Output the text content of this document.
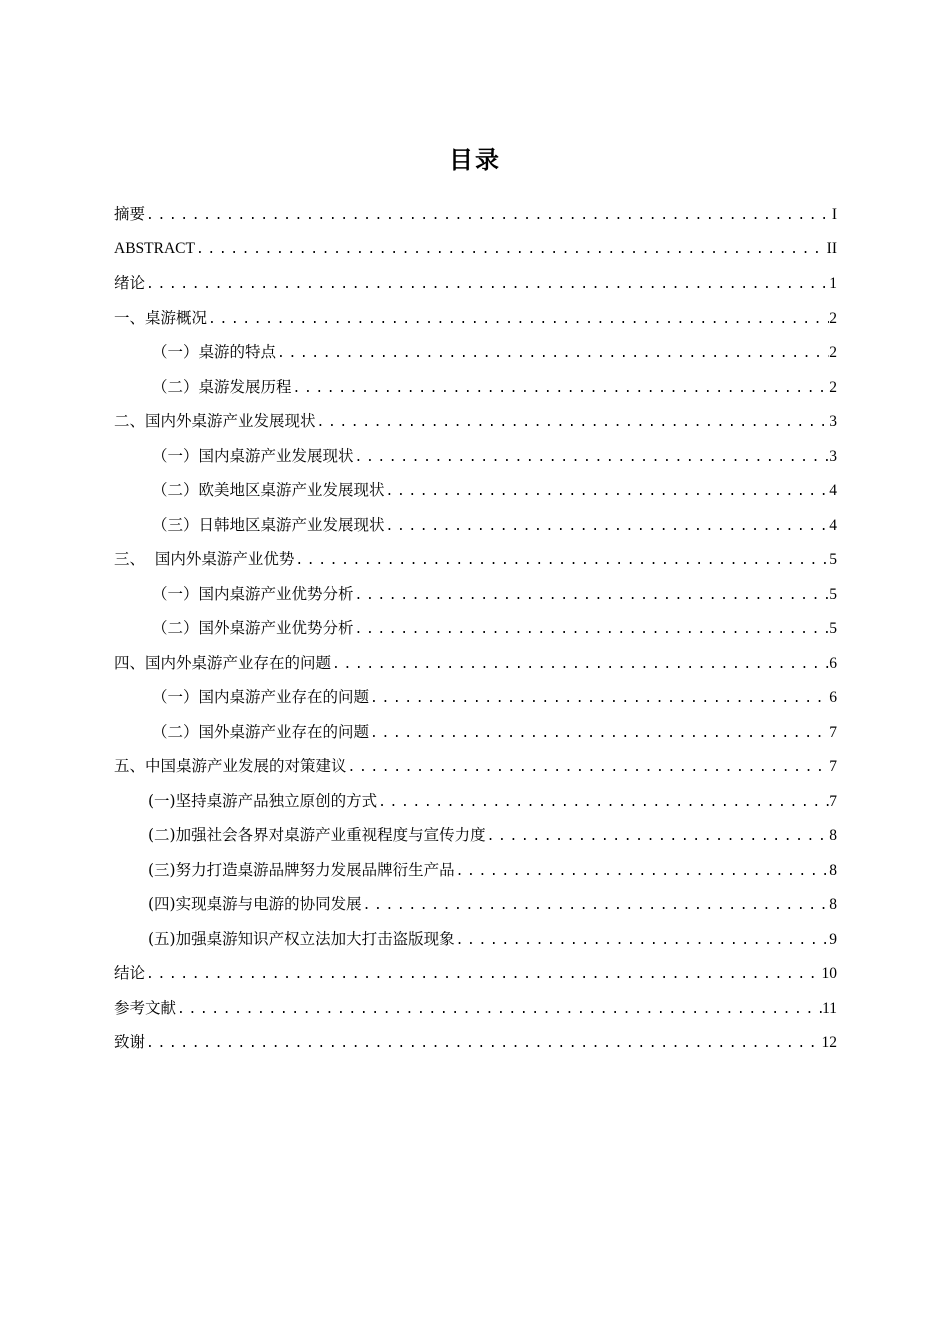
目录
摘要 .....	I
ABSTRACT .....	II
绪论 .....	1
一、桌游概况 .....	2
（一）桌游的特点 .....	2
（二）桌游发展历程 .....	2
二、国内外桌游产业发展现状 .....	3
（一）国内桌游产业发展现状 .....	3
（二）欧美地区桌游产业发展现状 .....	4
（三）日韩地区桌游产业发展现状 .....	4
三、  国内外桌游产业优势 .....	5
（一）国内桌游产业优势分析 .....	5
（二）国外桌游产业优势分析 .....	5
四、国内外桌游产业存在的问题 .....	6
（一）国内桌游产业存在的问题 .....	6
（二）国外桌游产业存在的问题 .....	7
五、中国桌游产业发展的对策建议 .....	7
(一)坚持桌游产品独立原创的方式 .....	7
(二)加强社会各界对桌游产业重视程度与宣传力度 .....	8
(三)努力打造桌游品牌努力发展品牌衍生产品 .....	8
(四)实现桌游与电游的协同发展 .....	8
(五)加强桌游知识产权立法加大打击盗版现象 .....	9
结论 .....	10
参考文献 .....	11
致谢 .....	12
